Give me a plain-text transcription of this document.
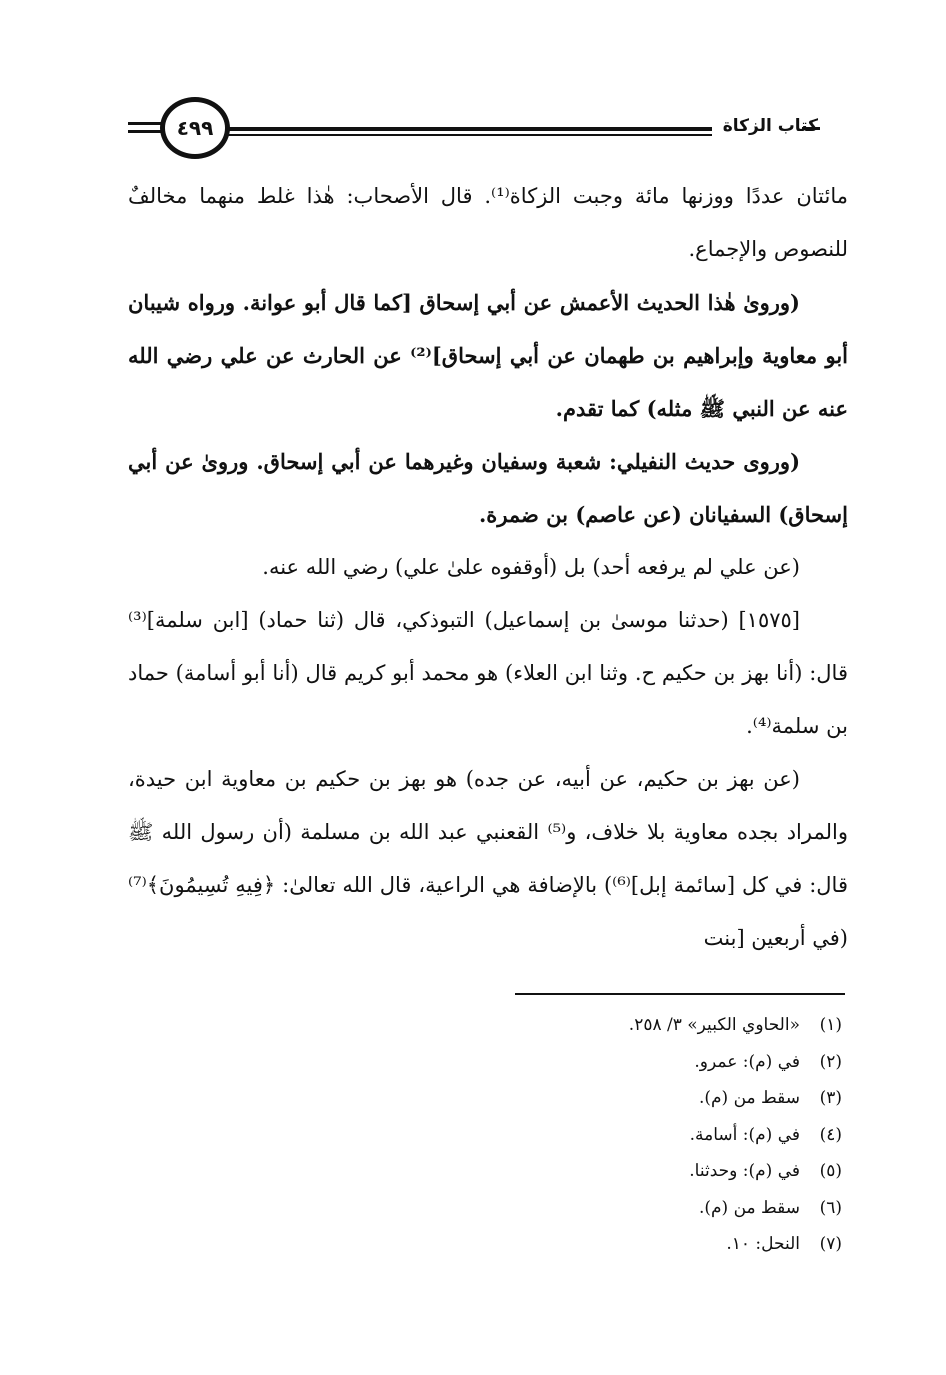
كتاب الزكاة
٤٩٩

مائتان عددًا ووزنها مائة وجبت الزكاة⁽¹⁾. قال الأصحاب: هٰذا غلط منهما مخالفٌ للنصوص والإجماع.

(ورویٰ هٰذا الحديث الأعمش عن أبي إسحاق [كما قال أبو عوانة. ورواه شيبان أبو معاوية وإبراهيم بن طهمان عن أبي إسحاق]⁽²⁾ عن الحارث عن علي رضي الله عنه عن النبي ﷺ مثله) كما تقدم.

(وروى حديث النفيلي: شعبة وسفيان وغيرهما عن أبي إسحاق. ورویٰ عن أبي إسحاق) السفيانان (عن عاصم) بن ضمرة.

(عن علي لم يرفعه أحد) بل (أوقفوه علىٰ علي) رضي الله عنه.

[١٥٧٥] (حدثنا موسىٰ بن إسماعيل) التبوذكي، قال (ثنا حماد) [ابن سلمة]⁽³⁾ قال: (أنا بهز بن حكيم ح. وثنا ابن العلاء) هو محمد أبو كريم قال (أنا أبو أسامة) حماد بن سلمة⁽⁴⁾.

(عن بهز بن حكيم، عن أبيه، عن جده) هو بهز بن حكيم بن معاوية ابن حيدة، والمراد بجده معاوية بلا خلاف، و⁽⁵⁾ القعنبي عبد الله بن مسلمة (أن رسول الله ﷺ قال: في كل [سائمة إبل]⁽⁶⁾) بالإضافة هي الراعية، قال الله تعالىٰ: ﴿فِيهِ تُسِيمُونَ﴾⁽⁷⁾ (في أربعين [بنت

(١)«الحاوي الكبير» ٣/ ٢٥٨.
(٢)في (م): عمرو.
(٣)سقط من (م).
(٤)في (م): أسامة.
(٥)في (م): وحدثنا.
(٦)سقط من (م).
(٧)النحل: ١٠.
